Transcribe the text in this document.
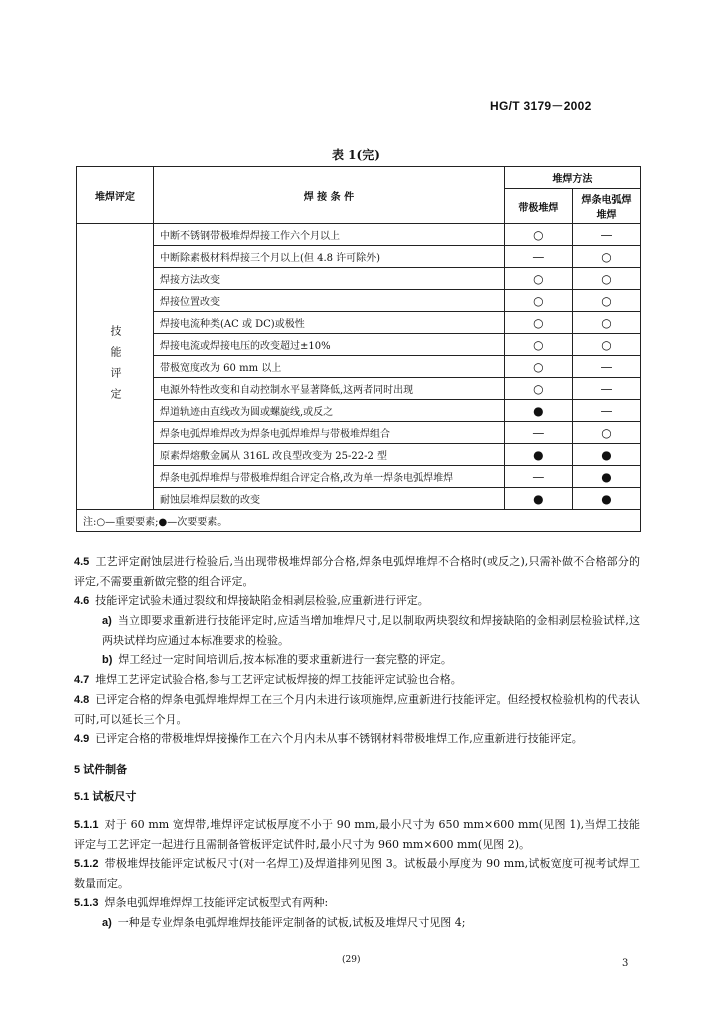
HG/T 3179－2002
表 1(完)
堆焊评定	焊 接 条 件	堆焊方法	
		带极堆焊	焊条电弧焊堆焊
技能评定	中断不锈钢带极堆焊焊接工作六个月以上	○	—
	中断除素极材料焊接三个月以上(但 4.8 许可除外)	—	○
	焊接方法改变	○	○
	焊接位置改变	○	○
	焊接电流种类(AC 或 DC)或极性	○	○
	焊接电流或焊接电压的改变超过±10%	○	○
	带极宽度改为 60 mm 以上	○	—
	电源外特性改变和自动控制水平显著降低,这两者同时出现	○	—
	焊道轨迹由直线改为圆或螺旋线,或反之	●	—
	焊条电弧焊堆焊改为焊条电弧焊堆焊与带极堆焊组合	—	○
	原素焊熔敷金属从 316L 改良型改变为 25-22-2 型	●	●
	焊条电弧焊堆焊与带极堆焊组合评定合格,改为单一焊条电弧焊堆焊	—	●
	耐蚀层堆焊层数的改变	●	●
注:○—重要要素;●—次要要素。			

4.5 工艺评定耐蚀层进行检验后,当出现带极堆焊部分合格,焊条电弧焊堆焊不合格时(或反之),只需补做不合格部分的评定,不需要重新做完整的组合评定。

4.6 技能评定试验未通过裂纹和焊接缺陷金相剥层检验,应重新进行评定。

a) 当立即要求重新进行技能评定时,应适当增加堆焊尺寸,足以制取两块裂纹和焊接缺陷的金相剥层检验试样,这两块试样均应通过本标准要求的检验。

b) 焊工经过一定时间培训后,按本标准的要求重新进行一套完整的评定。

4.7 堆焊工艺评定试验合格,参与工艺评定试板焊接的焊工技能评定试验也合格。

4.8 已评定合格的焊条电弧焊堆焊焊工在三个月内未进行该项施焊,应重新进行技能评定。但经授权检验机构的代表认可时,可以延长三个月。

4.9 已评定合格的带极堆焊焊接操作工在六个月内未从事不锈钢材料带极堆焊工作,应重新进行技能评定。

5 试件制备

5.1 试板尺寸

5.1.1 对于 60 mm 宽焊带,堆焊评定试板厚度不小于 90 mm,最小尺寸为 650 mm×600 mm(见图 1),当焊工技能评定与工艺评定一起进行且需制备管板评定试件时,最小尺寸为 960 mm×600 mm(见图 2)。

5.1.2 带极堆焊技能评定试板尺寸(对一名焊工)及焊道排列见图 3。试板最小厚度为 90 mm,试板宽度可视考试焊工数量而定。

5.1.3 焊条电弧焊堆焊焊工技能评定试板型式有两种:

a) 一种是专业焊条电弧焊堆焊技能评定制备的试板,试板及堆焊尺寸见图 4;

(29)	3
